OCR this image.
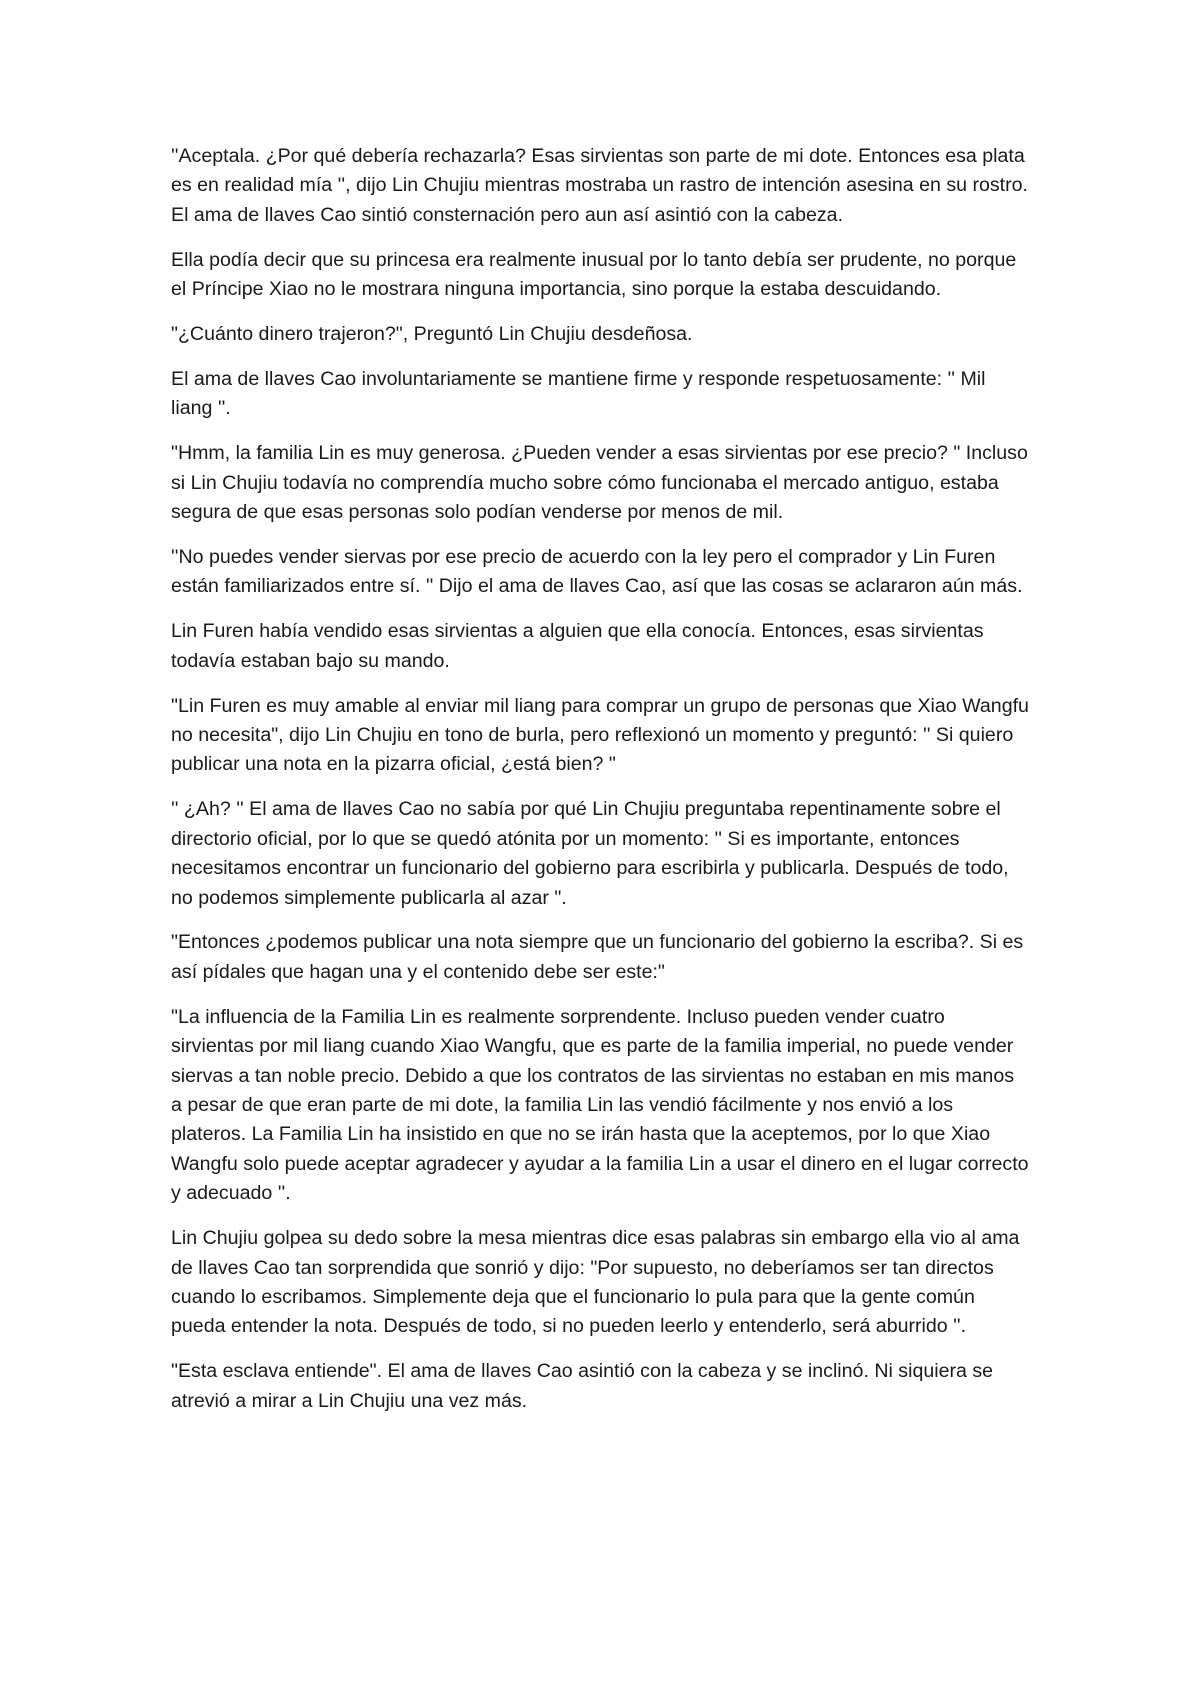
''Aceptala. ¿Por qué debería rechazarla? Esas sirvientas son parte de mi dote. Entonces esa plata es en realidad mía '', dijo Lin Chujiu mientras mostraba un rastro de intención asesina en su rostro. El ama de llaves Cao sintió consternación pero aun así asintió con la cabeza.

Ella podía decir que su princesa era realmente inusual por lo tanto debía ser prudente, no porque el Príncipe Xiao no le mostrara ninguna importancia, sino porque la estaba descuidando.

"¿Cuánto dinero trajeron?", Preguntó Lin Chujiu desdeñosa.

El ama de llaves Cao involuntariamente se mantiene firme y responde respetuosamente: '' Mil liang ''.

"Hmm, la familia Lin es muy generosa. ¿Pueden vender a esas sirvientas por ese precio? " Incluso si Lin Chujiu todavía no comprendía mucho sobre cómo funcionaba el mercado antiguo, estaba segura de que esas personas solo podían venderse por menos de mil.

''No puedes vender siervas por ese precio de acuerdo con la ley pero el comprador y Lin Furen están familiarizados entre sí. '' Dijo el ama de llaves Cao, así que las cosas se aclararon aún más.

Lin Furen había vendido esas sirvientas a alguien que ella conocía. Entonces, esas sirvientas todavía estaban bajo su mando.

"Lin Furen es muy amable al enviar mil liang para comprar un grupo de personas que Xiao Wangfu no necesita", dijo Lin Chujiu en tono de burla, pero reflexionó un momento y preguntó: '' Si quiero publicar una nota en la pizarra oficial, ¿está bien? "

'' ¿Ah? '' El ama de llaves Cao no sabía por qué Lin Chujiu preguntaba repentinamente sobre el directorio oficial, por lo que se quedó atónita por un momento: '' Si es importante, entonces necesitamos encontrar un funcionario del gobierno para escribirla y publicarla. Después de todo, no podemos simplemente publicarla al azar ".

"Entonces ¿podemos publicar una nota siempre que un funcionario del gobierno la escriba?. Si es así pídales que hagan una y el contenido debe ser este:"

"La influencia de la Familia Lin es realmente sorprendente. Incluso pueden vender cuatro sirvientas por mil liang cuando Xiao Wangfu, que es parte de la familia imperial, no puede vender siervas a tan noble precio. Debido a que los contratos de las sirvientas no estaban en mis manos a pesar de que eran parte de mi dote, la familia Lin las vendió fácilmente y nos envió a los plateros. La Familia Lin ha insistido en que no se irán hasta que la aceptemos, por lo que Xiao Wangfu solo puede aceptar agradecer y ayudar a la familia Lin a usar el dinero en el lugar correcto y adecuado ''.

Lin Chujiu golpea su dedo sobre la mesa mientras dice esas palabras sin embargo ella vio al ama de llaves Cao tan sorprendida que sonrió y dijo: "Por supuesto, no deberíamos ser tan directos cuando lo escribamos. Simplemente deja que el funcionario lo pula para que la gente común pueda entender la nota. Después de todo, si no pueden leerlo y entenderlo, será aburrido ''.

"Esta esclava entiende". El ama de llaves Cao asintió con la cabeza y se inclinó. Ni siquiera se atrevió a mirar a Lin Chujiu una vez más.
